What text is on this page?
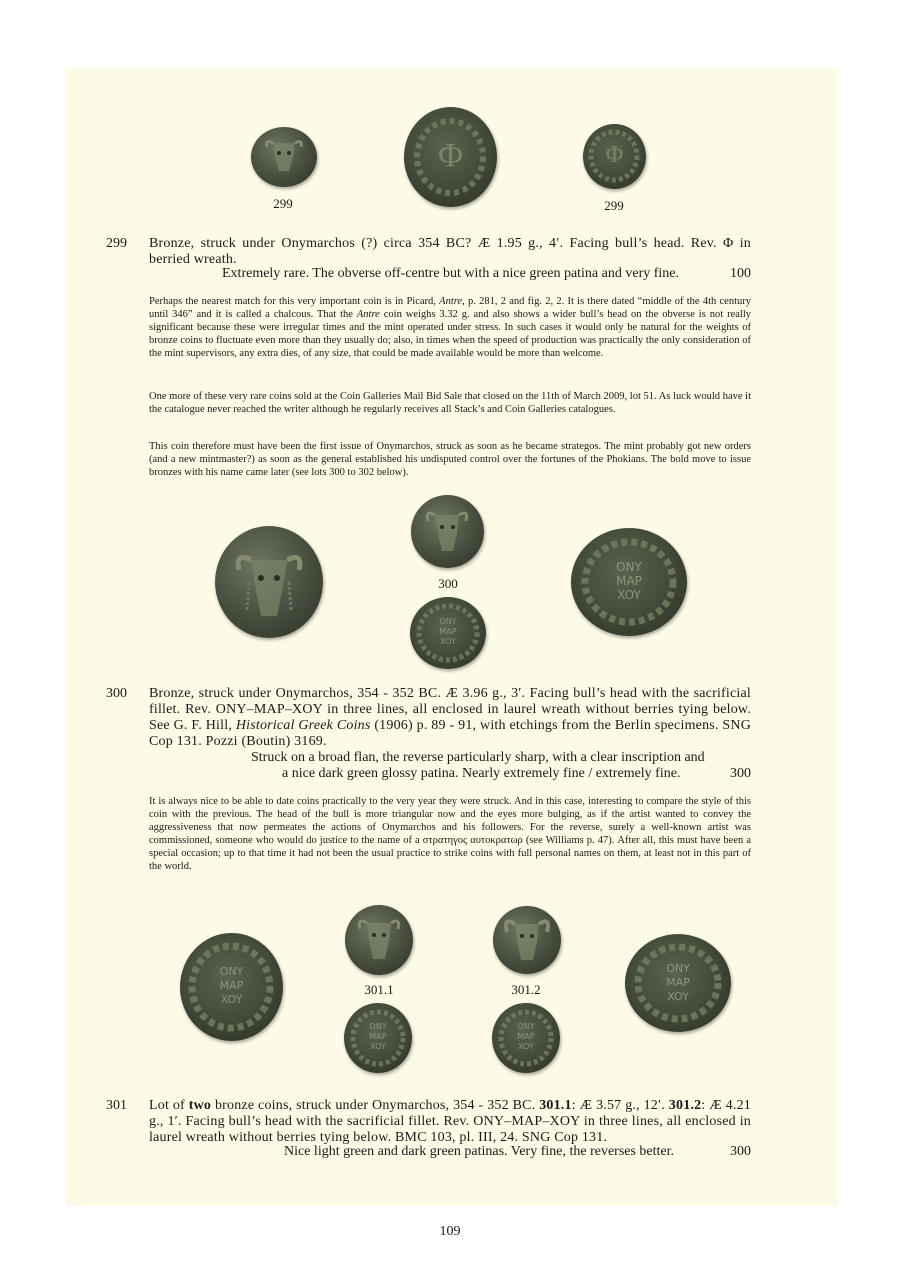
Φ	Φ
299	299
299 Bronze, struck under Onymarchos (?) circa 354 BC? Æ 1.95 g., 4′. Facing bull’s head. Rev. Φ in berried wreath.
Extremely rare. The obverse off-centre but with a nice green patina and very fine.	100
Perhaps the nearest match for this very important coin is in Picard, Antre, p. 281, 2 and fig. 2, 2. It is there dated “middle of the 4th century until 346” and it is called a chalcous. That the Antre coin weighs 3.32 g. and also shows a wider bull’s head on the obverse is not really significant because these were irregular times and the mint operated under stress. In such cases it would only be natural for the weights of bronze coins to fluctuate even more than they usually do; also, in times when the speed of production was practically the only consideration of the mint supervisors, any extra dies, of any size, that could be made available would be more than welcome.
One more of these very rare coins sold at the Coin Galleries Mail Bid Sale that closed on the 11th of March 2009, lot 51. As luck would have it the catalogue never reached the writer although he regularly receives all Stack’s and Coin Galleries catalogues.
This coin therefore must have been the first issue of Onymarchos, struck as soon as he became strategos. The mint probably got new orders (and a new mintmaster?) as soon as the general established his undisputed control over the fortunes of the Phokians. The bold move to issue bronzes with his name came later (see lots 300 to 302 below).
300
ONY
MAP
XOY
ONY
MAP
XOY
300 Bronze, struck under Onymarchos, 354 - 352 BC. Æ 3.96 g., 3′. Facing bull’s head with the sacrificial fillet. Rev. ONY–MAP–XOY in three lines, all enclosed in laurel wreath without berries tying below. See G. F. Hill, Historical Greek Coins (1906) p. 89 - 91, with etchings from the Berlin specimens. SNG Cop 131. Pozzi (Boutin) 3169.
Struck on a broad flan, the reverse particularly sharp, with a clear inscription and
a nice dark green glossy patina. Nearly extremely fine / extremely fine.	300
It is always nice to be able to date coins practically to the very year they were struck. And in this case, interesting to compare the style of this coin with the previous. The head of the bull is more triangular now and the eyes more bulging, as if the artist wanted to convey the aggressiveness that now permeates the actions of Onymarchos and his followers. For the reverse, surely a well-known artist was commissioned, someone who would do justice to the name of a στρατηγος αυτοκρατωρ (see Williams p. 47). After all, this must have been a special occasion; up to that time it had not been the usual practice to strike coins with full personal names on them, at least not in this part of the world.
ONY
MAP
XOY
301.1	301.2
ONY
MAP
XOY
ONY
MAP
XOY
ONY
MAP
XOY
301 Lot of two bronze coins, struck under Onymarchos, 354 - 352 BC. 301.1: Æ 3.57 g., 12′. 301.2: Æ 4.21 g., 1′. Facing bull’s head with the sacrificial fillet. Rev. ONY–MAP–XOY in three lines, all enclosed in laurel wreath without berries tying below. BMC 103, pl. III, 24. SNG Cop 131.
Nice light green and dark green patinas. Very fine, the reverses better.	300
109
